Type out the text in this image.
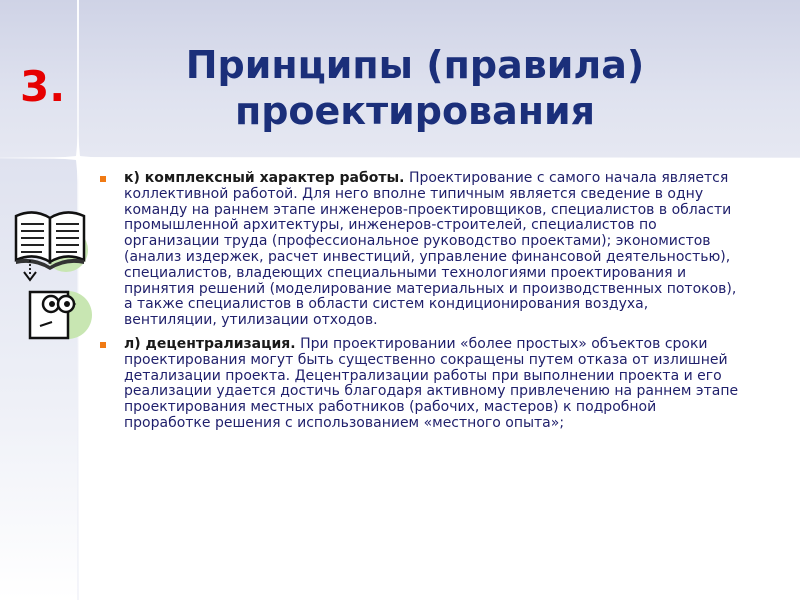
3.	Принципы (правила) проектирования
к) комплексный характер работы. Проектирование с самого начала является коллективной работой. Для него вполне типичным является сведение в одну команду на раннем этапе инженеров-проектировщиков, специалистов в области промышленной архитектуры, инженеров-строителей, специалистов по организации труда (профессиональное руководство проектами); экономистов (анализ издержек, расчет инвестиций, управление финансовой деятельностью), специалистов, владеющих специальными технологиями проектирования и принятия решений (моделирование материальных и производственных потоков), а также специалистов в области систем кондиционирования воздуха, вентиляции, утилизации отходов.
л) децентрализация. При проектировании «более простых» объектов сроки проектирования могут быть существенно сокращены путем отказа от излишней детализации проекта. Децентрализации работы при выполнении проекта и его реализации удается достичь благодаря активному привлечению на раннем этапе проектирования местных работников (рабочих, мастеров) к подробной проработке решения с использованием «местного опыта»;
